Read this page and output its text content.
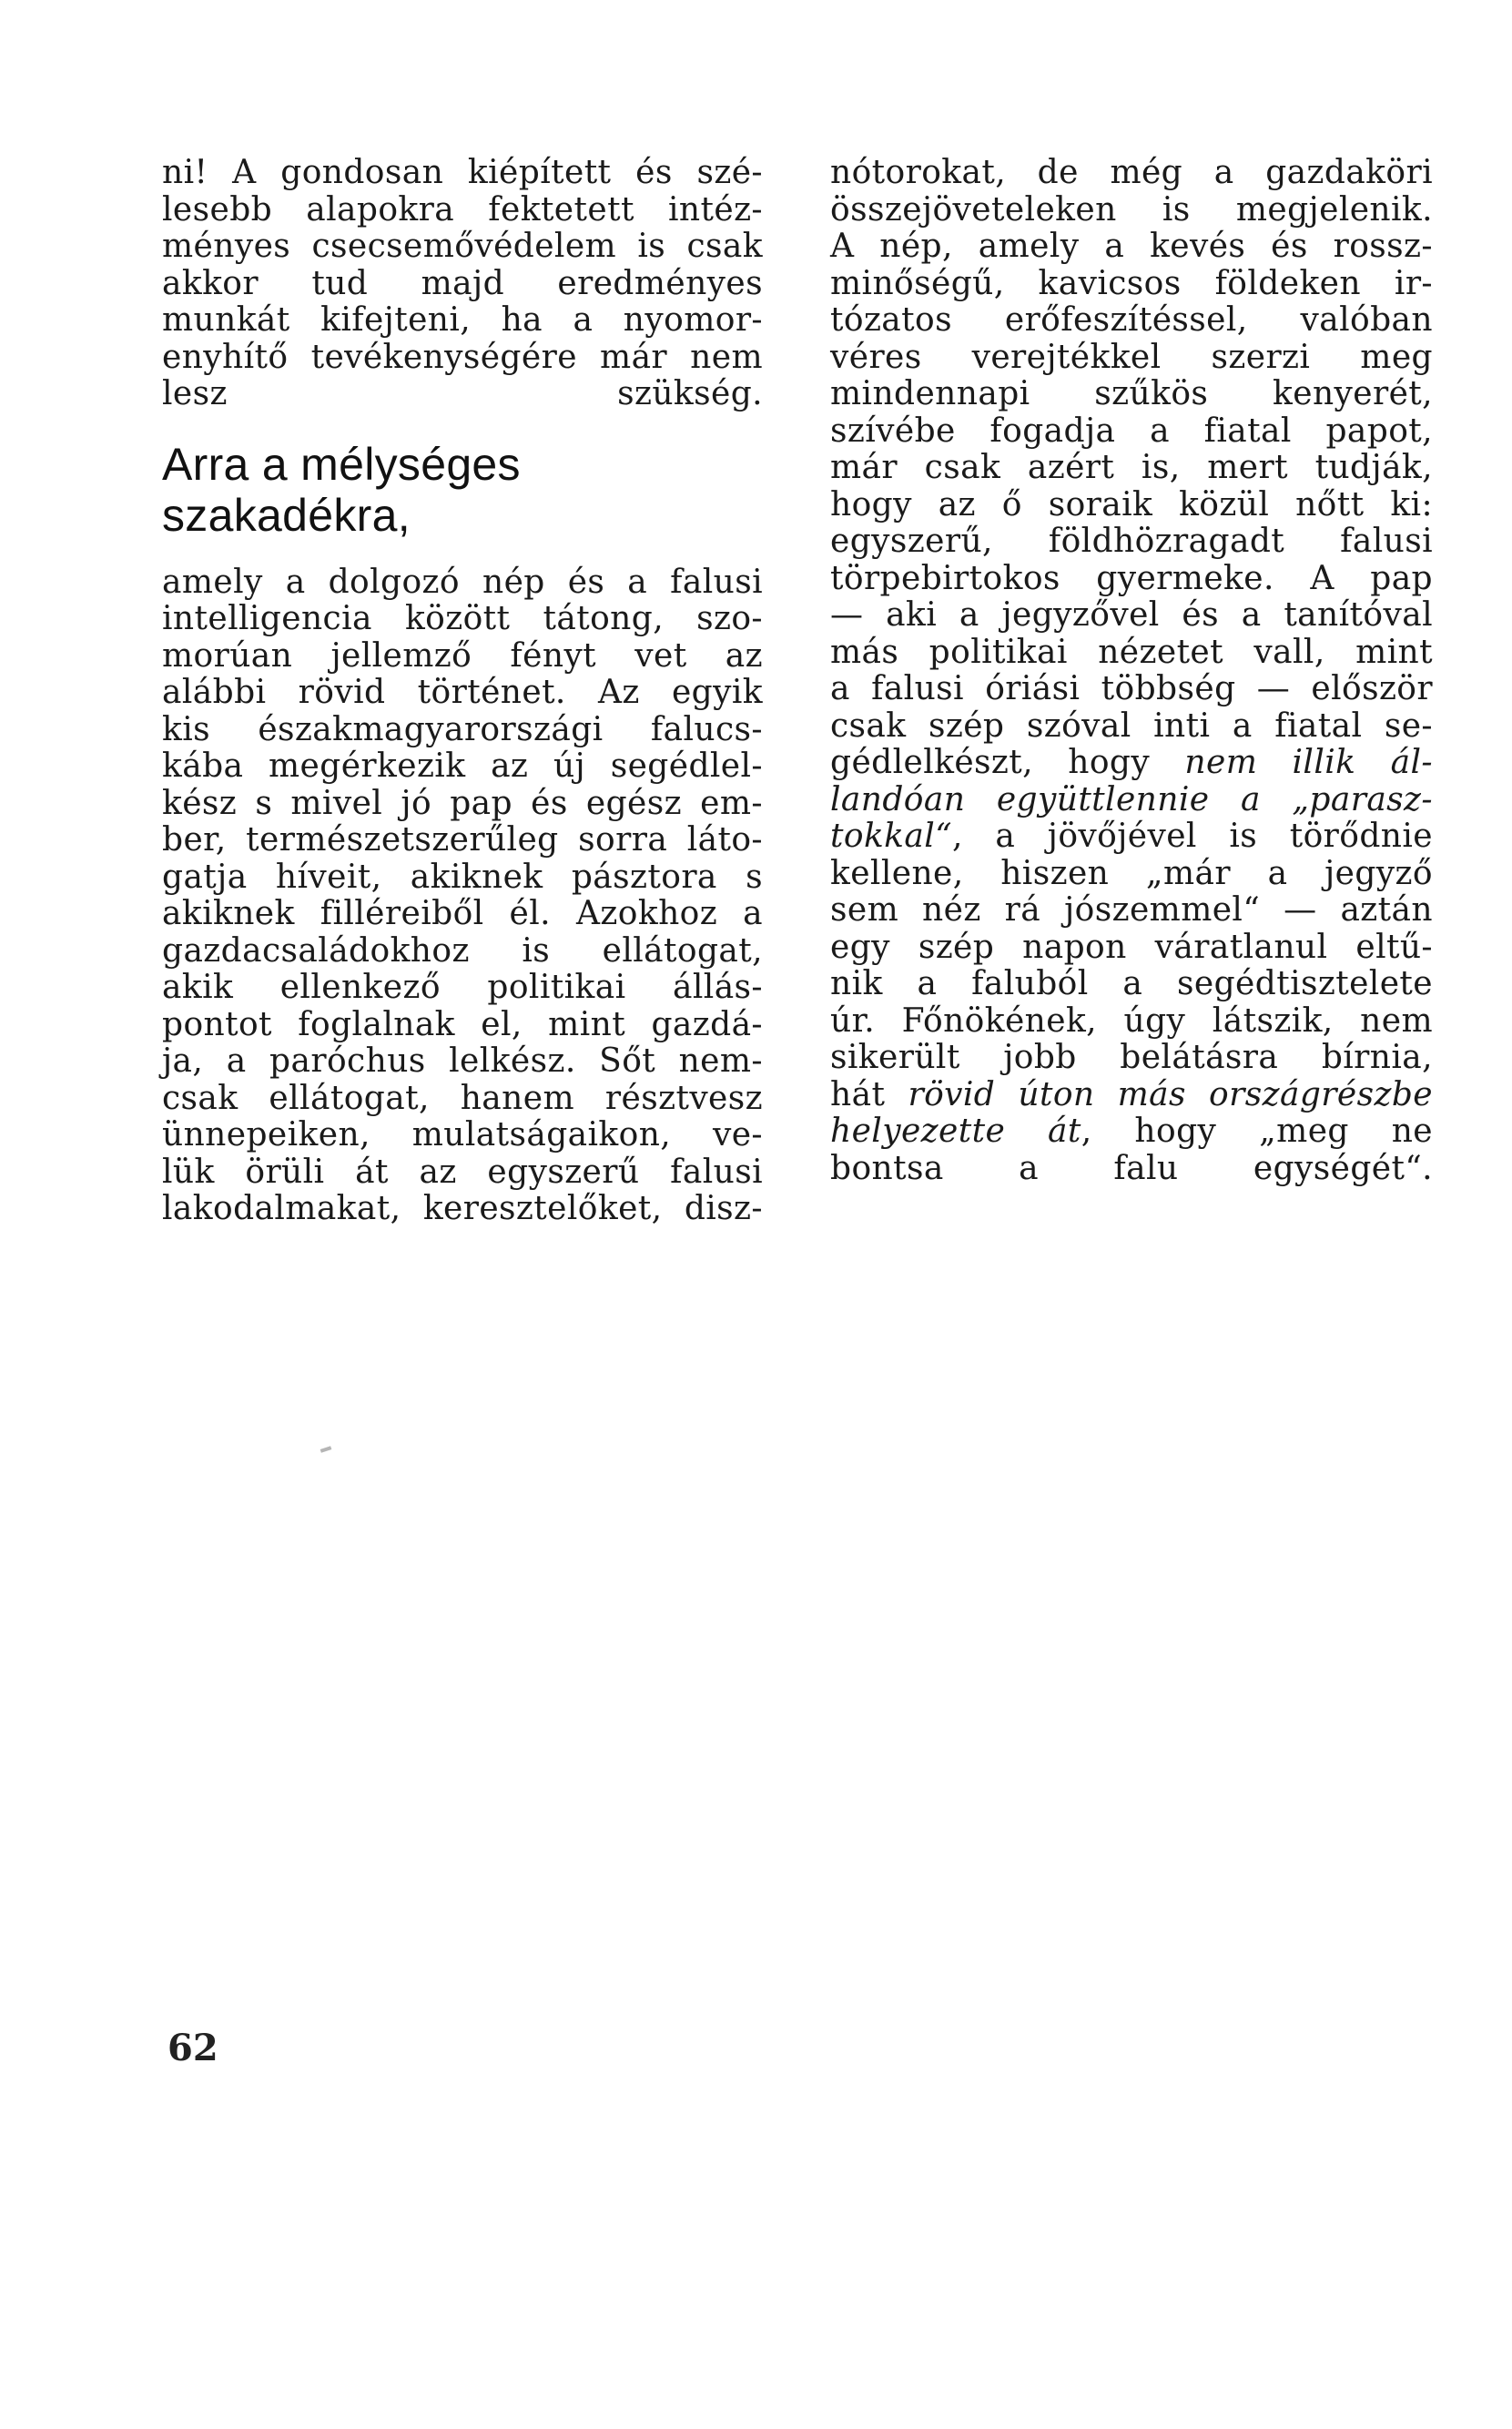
ni! A gondosan kiépített és szé-
lesebb alapokra fektetett intéz-
ményes csecsemővédelem is csak
akkor tud majd eredményes
munkát kifejteni, ha a nyomor-
enyhítő tevékenységére már nem
lesz szükség.

Arra a mélységes szakadékra,

amely a dolgozó nép és a falusi
intelligencia között tátong, szo-
morúan jellemző fényt vet az
alábbi rövid történet. Az egyik
kis északmagyarországi falucs-
kába megérkezik az új segédlel-
kész s mivel jó pap és egész em-
ber, természetszerűleg sorra láto-
gatja híveit, akiknek pásztora s
akiknek filléreiből él. Azokhoz a
gazdacsaládokhoz is ellátogat,
akik ellenkező politikai állás-
pontot foglalnak el, mint gazdá-
ja, a paróchus lelkész. Sőt nem-
csak ellátogat, hanem résztvesz
ünnepeiken, mulatságaikon, ve-
lük örüli át az egyszerű falusi
lakodalmakat, keresztelőket, disz-

nótorokat, de még a gazdaköri
összejöveteleken is megjelenik.
A nép, amely a kevés és rossz-
minőségű, kavicsos földeken ir-
tózatos erőfeszítéssel, valóban
véres verejtékkel szerzi meg
mindennapi szűkös kenyerét,
szívébe fogadja a fiatal papot,
már csak azért is, mert tudják,
hogy az ő soraik közül nőtt ki:
egyszerű, földhözragadt falusi
törpebirtokos gyermeke. A pap
— aki a jegyzővel és a tanítóval
más politikai nézetet vall, mint
a falusi óriási többség — először
csak szép szóval inti a fiatal se-
gédlelkészt, hogy nem illik ál-
landóan együttlennie a „parasz-
tokkal“, a jövőjével is törődnie
kellene, hiszen „már a jegyző
sem néz rá jószemmel“ — aztán
egy szép napon váratlanul eltű-
nik a faluból a segédtisztelete
úr. Főnökének, úgy látszik, nem
sikerült jobb belátásra bírnia,
hát rövid úton más országrészbe
helyezette át, hogy „meg ne
bontsa a falu egységét“.

62
